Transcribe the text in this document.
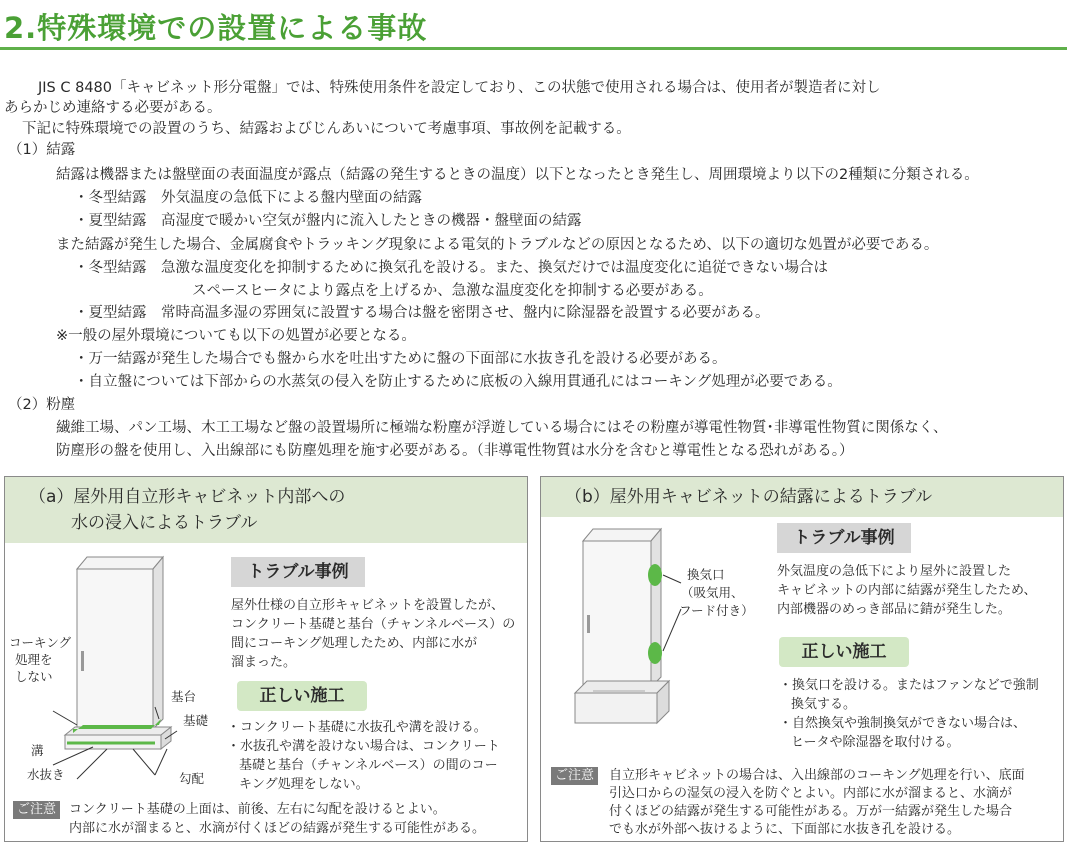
2.特殊環境での設置による事故
JIS C 8480「キャビネット形分電盤」では、特殊使用条件を設定しており、この状態で使用される場合は、使用者が製造者に対し
あらかじめ連絡する必要がある。
下記に特殊環境での設置のうち、結露およびじんあいについて考慮事項、事故例を記載する。
（1）結露
結露は機器または盤壁面の表面温度が露点（結露の発生するときの温度）以下となったとき発生し、周囲環境より以下の2種類に分類される。
・冬型結露　外気温度の急低下による盤内壁面の結露
・夏型結露　高湿度で暖かい空気が盤内に流入したときの機器・盤壁面の結露
また結露が発生した場合、金属腐食やトラッキング現象による電気的トラブルなどの原因となるため、以下の適切な処置が必要である。
・冬型結露　急激な温度変化を抑制するために換気孔を設ける。また、換気だけでは温度変化に追従できない場合は
スペースヒータにより露点を上げるか、急激な温度変化を抑制する必要がある。
・夏型結露　常時高温多湿の雰囲気に設置する場合は盤を密閉させ、盤内に除湿器を設置する必要がある。
※一般の屋外環境についても以下の処置が必要となる。
・万一結露が発生した場合でも盤から水を吐出すために盤の下面部に水抜き孔を設ける必要がある。
・自立盤については下部からの水蒸気の侵入を防止するために底板の入線用貫通孔にはコーキング処理が必要である。
（2）粉塵
繊維工場、パン工場、木工工場など盤の設置場所に極端な粉塵が浮遊している場合にはその粉塵が導電性物質･非導電性物質に関係なく、
防塵形の盤を使用し、入出線部にも防塵処理を施す必要がある。（非導電性物質は水分を含むと導電性となる恐れがある。）
（a）屋外用自立形キャビネット内部への
水の浸入によるトラブル
コーキング
処理を
しない
基台
基礎
溝
水抜き	勾配
トラブル事例
屋外仕様の自立形キャビネットを設置したが、
コンクリート基礎と基台（チャンネルベース）の
間にコーキング処理したため、内部に水が
溜まった。
正しい施工
・コンクリート基礎に水抜孔や溝を設ける。
・水抜孔や溝を設けない場合は、コンクリート
基礎と基台（チャンネルベース）の間のコー
キング処理をしない。
ご注意 コンクリート基礎の上面は、前後、左右に勾配を設けるとよい。
内部に水が溜まると、水滴が付くほどの結露が発生する可能性がある。
（b）屋外用キャビネットの結露によるトラブル
換気口
（吸気用、
フード付き）
トラブル事例
外気温度の急低下により屋外に設置した
キャビネットの内部に結露が発生したため、
内部機器のめっき部品に錆が発生した。
正しい施工
・換気口を設ける。またはファンなどで強制
換気する。
・自然換気や強制換気ができない場合は、
ヒータや除湿器を取付ける。
ご注意	自立形キャビネットの場合は、入出線部のコーキング処理を行い、底面
引込口からの湿気の浸入を防ぐとよい。内部に水が溜まると、水滴が
付くほどの結露が発生する可能性がある。万が一結露が発生した場合
でも水が外部へ抜けるように、下面部に水抜き孔を設ける。
